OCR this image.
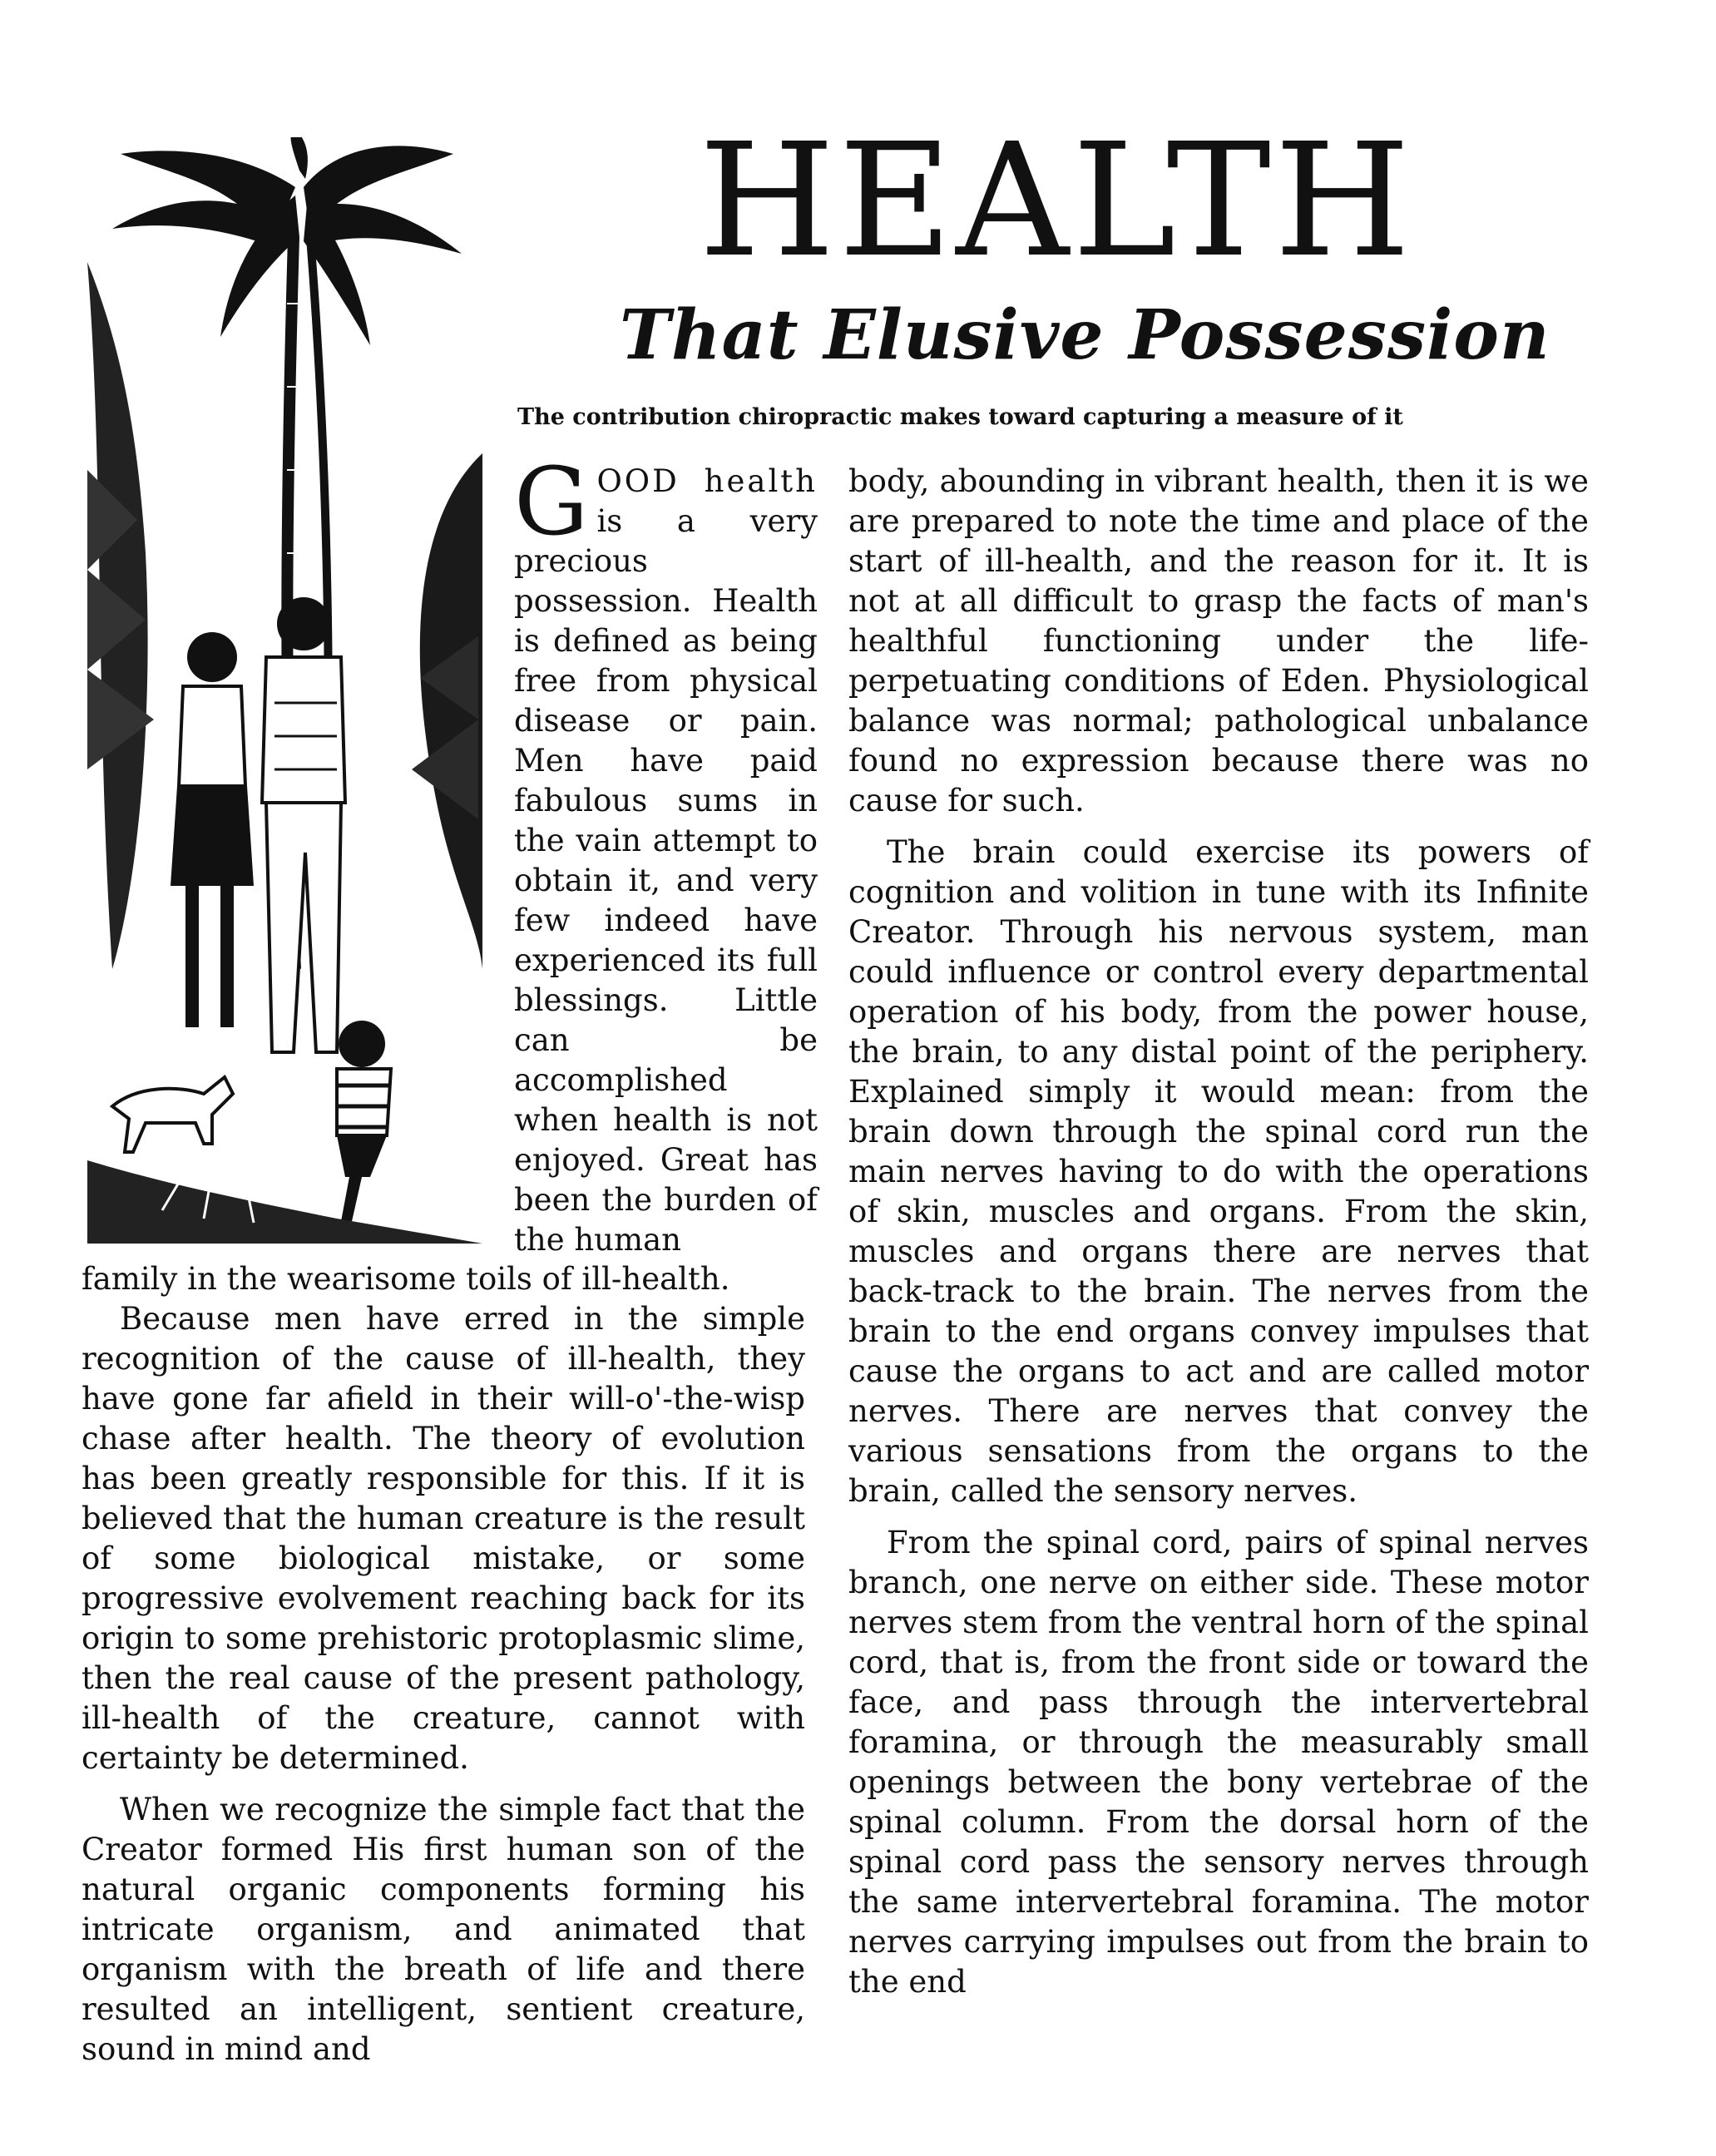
HEALTH
That Elusive Possession

The contribution chiropractic makes toward capturing a measure of it

GOOD health is a very precious possession. Health is defined as being free from physical disease or pain. Men have paid fabulous sums in the vain attempt to obtain it, and very few indeed have experienced its full blessings. Little can be accomplished when health is not enjoyed. Great has been the burden of the human

family in the wearisome toils of ill-health.

Because men have erred in the simple recognition of the cause of ill-health, they have gone far afield in their will-o'-the-wisp chase after health. The theory of evolution has been greatly responsible for this. If it is believed that the human creature is the result of some biological mistake, or some progressive evolvement reaching back for its origin to some prehistoric protoplasmic slime, then the real cause of the present pathology, ill-health of the creature, cannot with certainty be determined.

When we recognize the simple fact that the Creator formed His first human son of the natural organic components forming his intricate organism, and animated that organism with the breath of life and there resulted an intelligent, sentient creature, sound in mind and

body, abounding in vibrant health, then it is we are prepared to note the time and place of the start of ill-health, and the reason for it. It is not at all difficult to grasp the facts of man's healthful functioning under the life-perpetuating conditions of Eden. Physiological balance was normal; pathological unbalance found no expression because there was no cause for such.

The brain could exercise its powers of cognition and volition in tune with its Infinite Creator. Through his nervous system, man could influence or control every departmental operation of his body, from the power house, the brain, to any distal point of the periphery. Explained simply it would mean: from the brain down through the spinal cord run the main nerves having to do with the operations of skin, muscles and organs. From the skin, muscles and organs there are nerves that back-track to the brain. The nerves from the brain to the end organs convey impulses that cause the organs to act and are called motor nerves. There are nerves that convey the various sensations from the organs to the brain, called the sensory nerves.

From the spinal cord, pairs of spinal nerves branch, one nerve on either side. These motor nerves stem from the ventral horn of the spinal cord, that is, from the front side or toward the face, and pass through the intervertebral foramina, or through the measurably small openings between the bony vertebrae of the spinal column. From the dorsal horn of the spinal cord pass the sensory nerves through the same intervertebral foramina. The motor nerves carrying impulses out from the brain to the end
